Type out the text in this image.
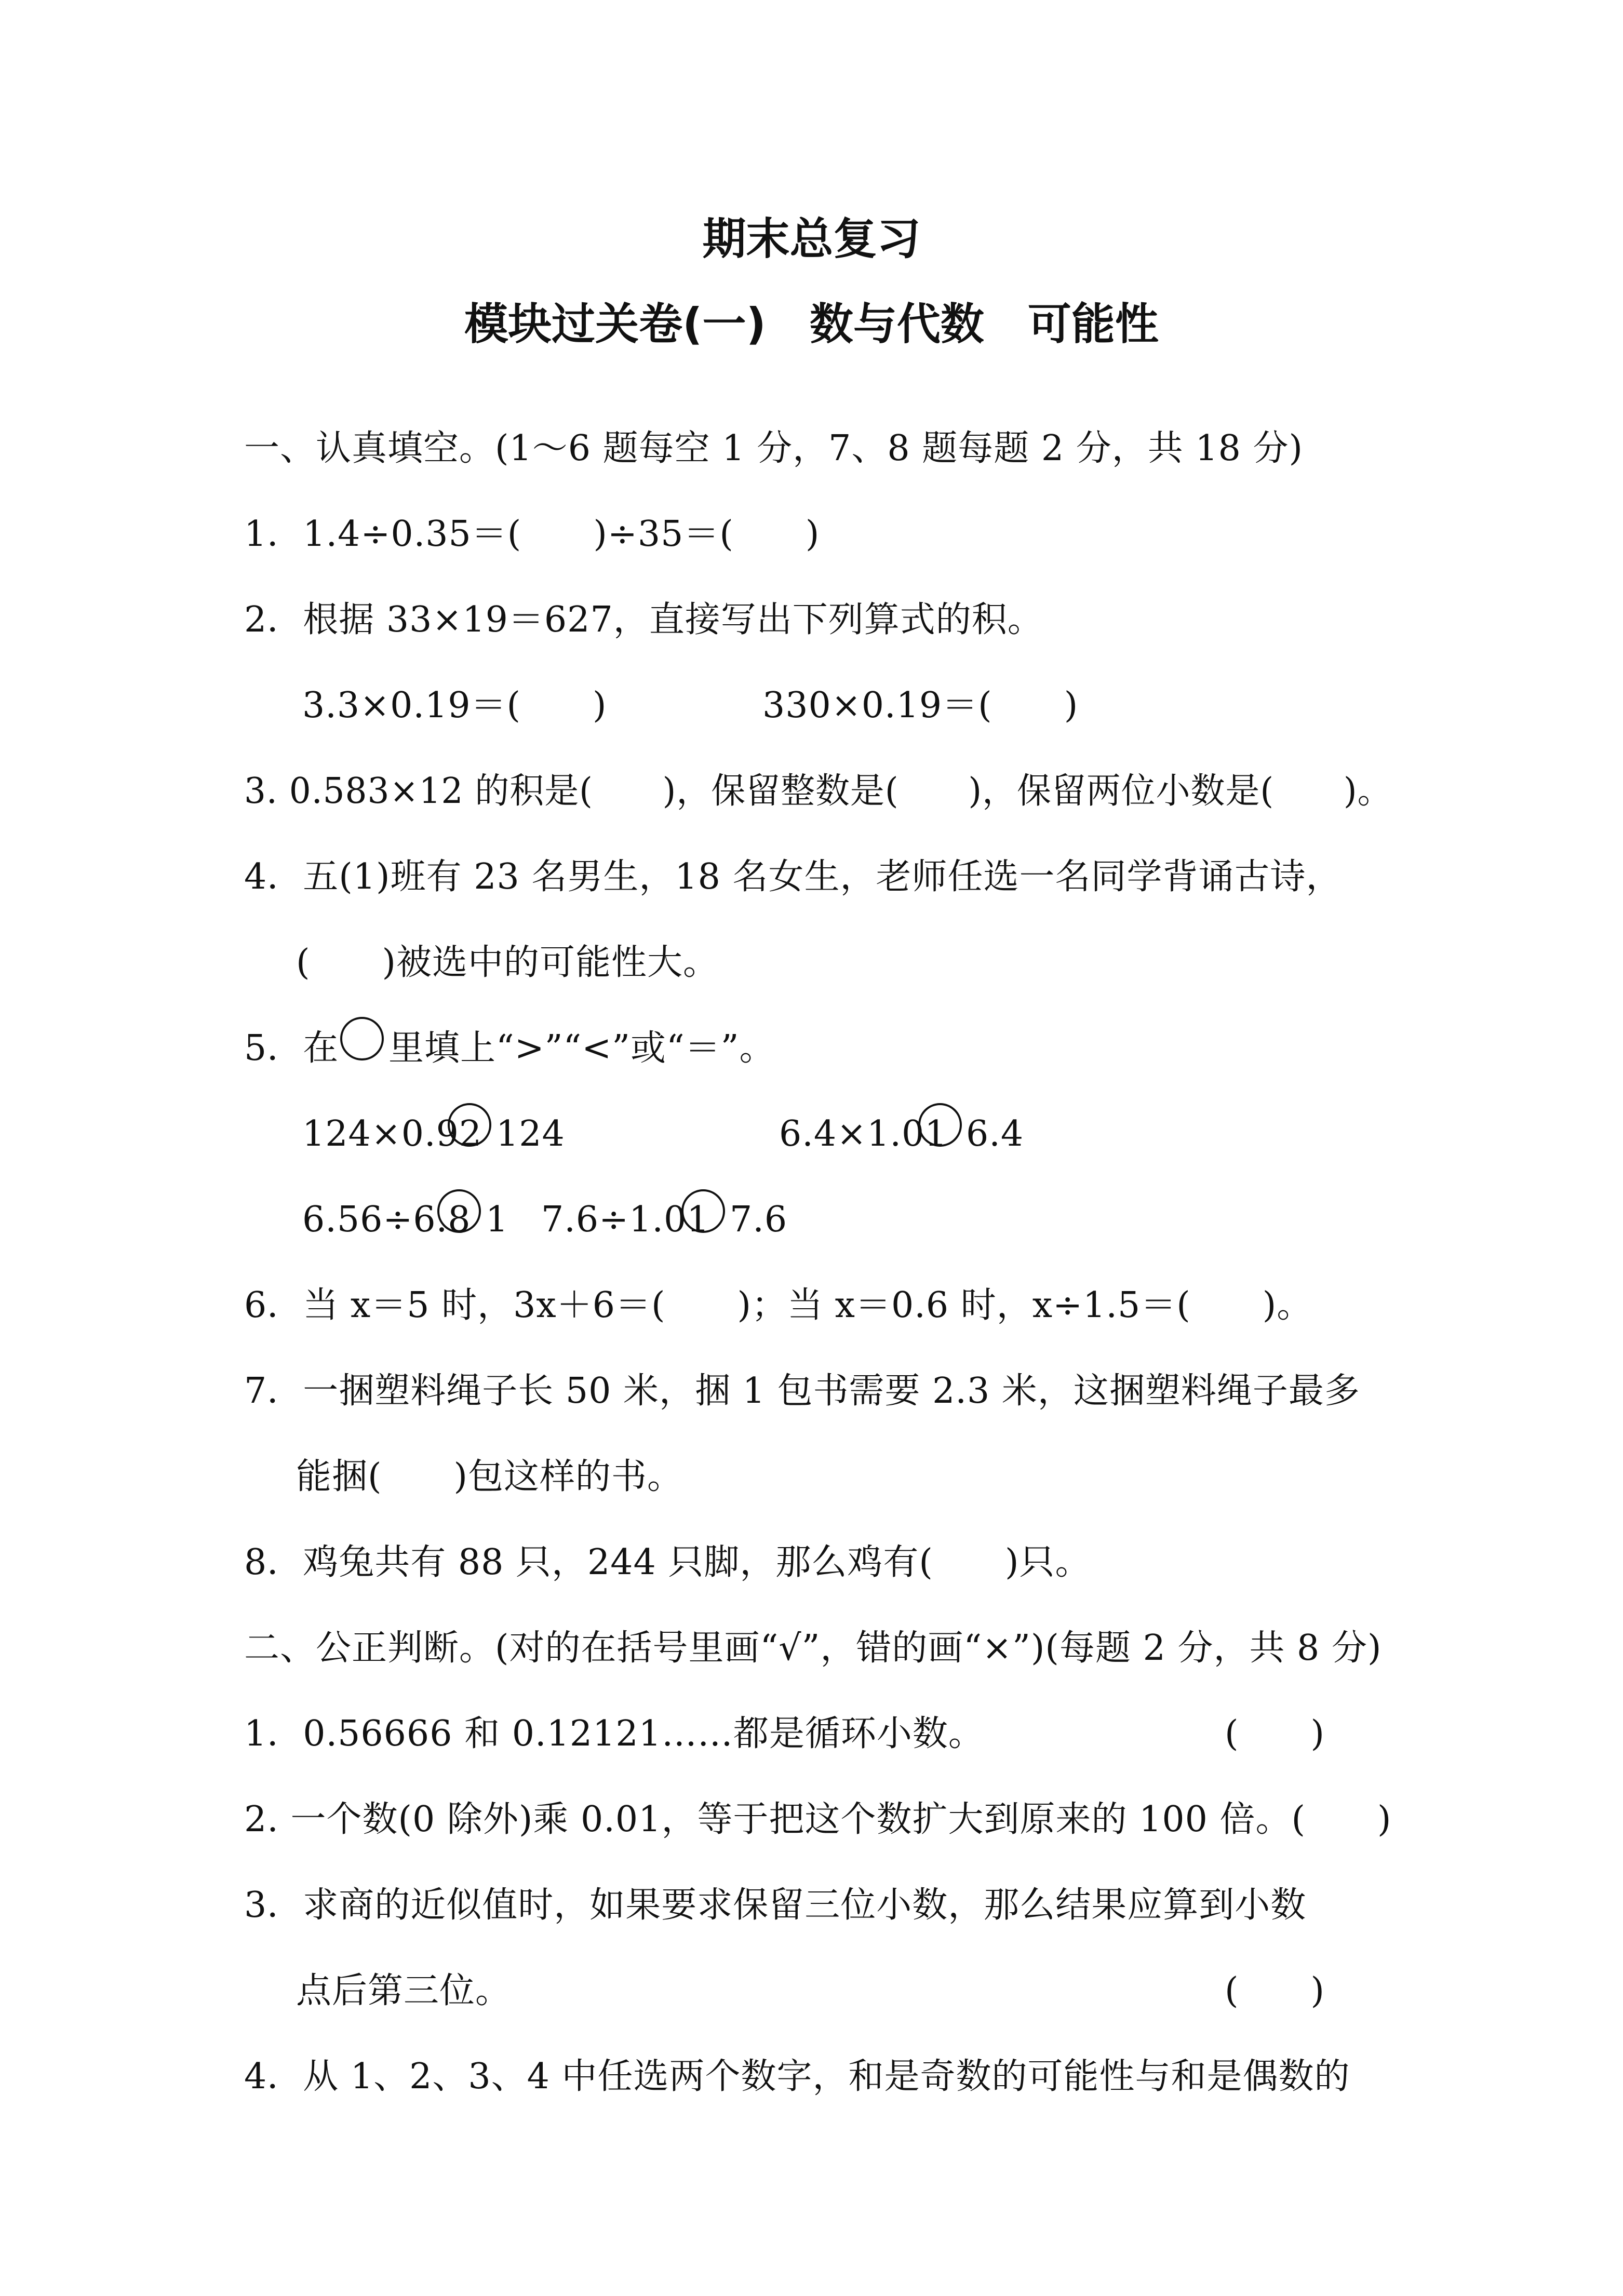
期末总复习
模块过关卷(一)　数与代数　可能性
一、认真填空。(1～6 题每空 1 分，7、8 题每题 2 分，共 18 分)
1．1.4÷0.35＝(　　)÷35＝(　　)
2．根据 33×19＝627，直接写出下列算式的积。
3.3×0.19＝(　　)	330×0.19＝(　　)
3. 0.583×12 的积是(　　)，保留整数是(　　)，保留两位小数是(　　)。
4．五(1)班有 23 名男生，18 名女生，老师任选一名同学背诵古诗，
(　　)被选中的可能性大。
5．在 里填上“>”“<”或“＝”。
124×0.92 124	6.4×1.01 6.4
6.56÷6.8 1 7.6÷1.01 7.6
6．当 x＝5 时，3x＋6＝(　　)；当 x＝0.6 时，x÷1.5＝(　　)。
7．一捆塑料绳子长 50 米，捆 1 包书需要 2.3 米，这捆塑料绳子最多
能捆(　　)包这样的书。
8．鸡兔共有 88 只，244 只脚，那么鸡有(　　)只。
二、公正判断。(对的在括号里画“√”，错的画“×”)(每题 2 分，共 8 分)
1．0.56666 和 0.12121……都是循环小数。	(　　)
2. 一个数(0 除外)乘 0.01，等于把这个数扩大到原来的 100 倍。(　　)
3．求商的近似值时，如果要求保留三位小数，那么结果应算到小数
点后第三位。	(　　)
4．从 1、2、3、4 中任选两个数字，和是奇数的可能性与和是偶数的
